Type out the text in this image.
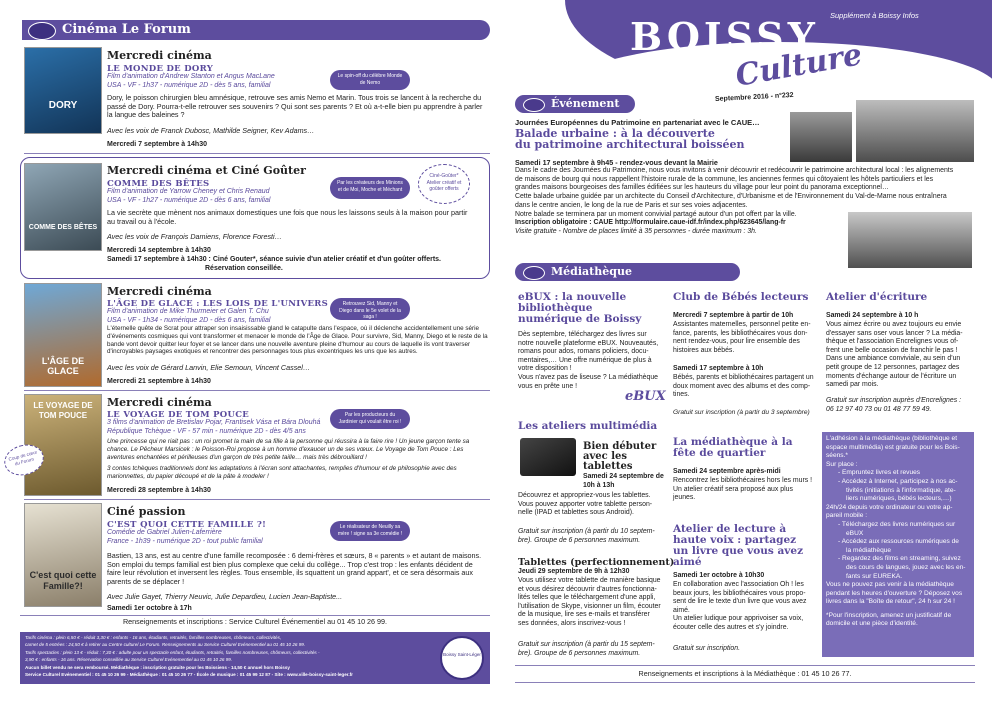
Cinéma Le Forum
DORY
Mercredi cinéma
LE MONDE DE DORY
Film d'animation d'Andrew Stanton et Angus MacLane
USA - VF - 1h37 - numérique 2D - dès 5 ans, familial
Le spin-off du célèbre Monde de Nemo
Dory, le poisson chirurgien bleu amnésique, retrouve ses amis Nemo et Marin. Tous trois se lancent à la recherche du passé de Dory. Pourra-t-elle retrouver ses souvenirs ? Qui sont ses parents ? Et où a-t-elle bien pu apprendre à parler la langue des baleines ?
Avec les voix de Franck Dubosc, Mathilde Seigner, Kev Adams…
Mercredi 7 septembre à 14h30
COMME DES BÊTES
Mercredi cinéma et Ciné Goûter
COMME DES BÊTES
Film d'animation de Yarrow Cheney et Chris Renaud
USA - VF - 1h27 - numérique 2D - dès 6 ans, familial
Par les créateurs des Minions et de Moi, Moche et Méchant
Ciné-Goûter* Atelier créatif et goûter offerts
La vie secrète que mènent nos animaux domestiques une fois que nous les laissons seuls à la maison pour partir au travail ou à l'école.
Avec les voix de François Damiens, Florence Foresti…
Mercredi 14 septembre à 14h30
Samedi 17 septembre à 14h30 : Ciné Gouter*, séance suivie d'un atelier créatif et d'un goûter offerts.
Réservation conseillée.
L'ÂGE DE GLACE
Mercredi cinéma
L'ÂGE DE GLACE : LES LOIS DE L'UNIVERS
Film d'animation de Mike Thurmeier et Galen T. Chu
USA - VF - 1h34 - numérique 2D - dès 6 ans, familial
Retrouvez Sid, Manny et Diego dans le 5e volet de la saga !
L'éternelle quête de Scrat pour attraper son insaisissable gland le catapulte dans l'espace, où il déclenche accidentellement une série d'événements cosmiques qui vont transformer et menacer le monde de l'Âge de Glace. Pour survivre, Sid, Manny, Diego et le reste de la bande vont devoir quitter leur foyer et se lancer dans une nouvelle aventure pleine d'humour au cours de laquelle ils vont traverser d'incroyables paysages exotiques et rencontrer des personnages tous plus excentriques les uns que les autres.
Avec les voix de Gérard Lanvin, Elie Semoun, Vincent Cassel…
Mercredi 21 septembre à 14h30
LE VOYAGE DE TOM POUCE
Coup de cœur du Forum
Mercredi cinéma
LE VOYAGE DE TOM POUCE
3 films d'animation de Bretislav Pojar, Frantisek Vása et Bára Dlouhá
République Tchèque - VF - 57 min - numérique 2D - dès 4/5 ans
Par les producteurs du Jardinier qui voulait être roi !
Une princesse qui ne riait pas : un roi promet la main de sa fille à la personne qui réussira à la faire rire ! Un jeune garçon tente sa chance. Le Pêcheur Marsicek : le Poisson-Roi propose à un homme d'exaucer un de ses vœux. Le Voyage de Tom Pouce : Les aventures enchantées et périlleuses d'un garçon de très petite taille… mais très débrouillard !
3 contes tchèques traditionnels dont les adaptations à l'écran sont attachantes, remplies d'humour et de philosophie avec des marionnettes, du papier découpé et de la pâte à modeler !
Mercredi 28 septembre à 14h30
C'est quoi cette Famille?!
Ciné passion
C'EST QUOI CETTE FAMILLE ?!
Comédie de Gabriel Julien-Laferrière
France - 1h39 - numérique 2D - tout public familial
Le réalisateur de Neuilly sa mère ! signe sa 3e comédie !
Bastien, 13 ans, est au centre d'une famille recomposée : 6 demi-frères et sœurs, 8 « parents » et autant de maisons. Son emploi du temps familial est bien plus complexe que celui du collège... Trop c'est trop : les enfants décident de faire leur révolution et inversent les règles. Tous ensemble, ils squattent un grand appart', et ce sera désormais aux parents de se déplacer !
Avec Julie Gayet, Thierry Neuvic, Julie Depardieu, Lucien Jean-Baptiste...
Samedi 1er octobre à 17h
Renseignements et inscriptions : Service Culturel Événementiel au 01 45 10 26 99.
Tarifs cinéma : plein 6,50 € - réduit 3,30 € : enfants - 16 ans, étudiants, retraités, familles nombreuses, chômeurs, collectivités,
carnet de 5 entrées : 24,50 € à retirer au Centre culturel Le Forum. Renseignements au Service Culturel Evénementiel au 01 45 10 26 99.
Tarifs spectacles : plein 13 € - réduit : 7,30 € : adulte pour un spectacle enfant, étudiants, retraités, familles nombreuses, chômeurs, collectivités -
3,90 € : enfants - 16 ans. Réservation conseillée au Service Culturel Evénementiel au 01 45 10 26 99.
Aucun billet vendu ne sera remboursé. Médiathèque : inscription gratuite pour les Boissiens - 14,50 € annuel hors Boissy
Service Culturel Evénementiel : 01 45 10 26 99 - Médiathèque : 01 45 10 26 77 - École de musique : 01 45 99 12 87 - Site : www.ville-boissy-saint-leger.fr
Boissy Saint-Léger
Supplément à Boissy Infos
BOISSY
Culture
Septembre 2016 - n°232
Événement
Journées Européennes du Patrimoine en partenariat avec le CAUE…
Balade urbaine : à la découverte
du patrimoine architectural boisséen
Samedi 17 septembre à 9h45 - rendez-vous devant la Mairie
Dans le cadre des Journées du Patrimoine, nous vous invitons à venir découvrir et redécouvrir le patrimoine architectural local : les alignements
de maisons de bourg qui nous rappellent l'histoire rurale de la commune, les anciennes fermes qui côtoyaient les hôtels particuliers et les
grandes maisons bourgeoises des familles édifiées sur les hauteurs du village pour leur point du panorama exceptionnel…
Cette balade urbaine guidée par un architecte du Conseil d'Architecture, d'Urbanisme et de l'Environnement du Val-de-Marne nous entraînera
dans le centre ancien, le long de la rue de Paris et sur ses voies adjacentes.
Notre balade se terminera par un moment convivial partagé autour d'un pot offert par la ville.
Inscription obligatoire : CAUE http://formulaire.caue-idf.fr/index.php/623645/lang-fr
Visite gratuite - Nombre de places limité à 35 personnes - durée maximum : 3h.
Médiathèque
eBUX : la nouvelle
bibliothèque
numérique de Boissy
Dès septembre, téléchargez des livres sur
notre nouvelle plateforme eBUX. Nouveautés,
romans pour ados, romans policiers, docu-
mentaires,… Une offre numérique de plus à
votre disposition !
Vous n'avez pas de liseuse ? La médiathèque
vous en prête une !
eBUX
Les ateliers multimédia
Bien débuter
avec les
tablettes
Samedi 24 septembre de 10h à 13h
Découvrez et appropriez-vous les tablettes.
Vous pouvez apporter votre tablette person-
nelle (IPAD et tablettes sous Android).
Gratuit sur inscription (à partir du 10 septem-
bre). Groupe de 6 personnes maximum.
Tablettes (perfectionnement)
Jeudi 29 septembre de 9h à 12h30
Vous utilisez votre tablette de manière basique
et vous désirez découvrir d'autres fonctionna-
lités telles que le téléchargement d'une appli,
l'utilisation de Skype, visionner un film, écouter
de la musique, lire ses e-mails et transférer
ses données, alors inscrivez-vous !
Gratuit sur inscription (à partir du 15 septem-
bre). Groupe de 6 personnes maximum.
Club de Bébés lecteurs
Mercredi 7 septembre à partir de 10h
Assistantes maternelles, personnel petite en-
fance, parents, les bibliothécaires vous don-
nent rendez-vous, pour lire ensemble des
histoires aux bébés.
Samedi 17 septembre à 10h
Bébés, parents et bibliothécaires partagent un
doux moment avec des albums et des comp-
tines.
Gratuit sur inscription (à partir du 3 septembre)
La médiathèque à la
fête de quartier
Samedi 24 septembre après-midi
Rencontrez les bibliothécaires hors les murs !
Un atelier créatif sera proposé aux plus
jeunes.
Atelier de lecture à
haute voix : partagez
un livre que vous avez
aimé
Samedi 1er octobre à 10h30
En collaboration avec l'association Oh ! les
beaux jours, les bibliothécaires vous propo-
sent de lire le texte d'un livre que vous avez
aimé.
Un atelier ludique pour apprivoiser sa voix,
écouter celle des autres et s'y joindre.
Gratuit sur inscription.
Atelier d'écriture
Samedi 24 septembre à 10 h
Vous aimez écrire ou avez toujours eu envie
d'essayer sans oser vous lancer ? La média-
thèque et l'association Encrelignes vous of-
frent une belle occasion de franchir le pas !
Dans une ambiance conviviale, au sein d'un
petit groupe de 12 personnes, partagez des
moments d'échange autour de l'écriture un
samedi par mois.
Gratuit sur inscription auprès d'Encrelignes :
06 12 97 40 73 ou 01 48 77 59 49.
L'adhésion à la médiathèque (bibliothèque et
espace multimédia) est gratuite pour les Bois-
séens.*
Sur place :
- Empruntez livres et revues
- Accédez à Internet, participez à nos ac-
tivités (initiations à l'informatique, ate-
liers numériques, bébés lecteurs,…)
24h/24 depuis votre ordinateur ou votre ap-
pareil mobile :
- Téléchargez des livres numériques sur
eBUX
- Accédez aux ressources numériques de
la médiathèque
- Regardez des films en streaming, suivez
des cours de langues, jouez avec les en-
fants sur EUREKA.
Vous ne pouvez pas venir à la médiathèque
pendant les heures d'ouverture ? Déposez vos
livres dans la "Boîte de retour", 24 h sur 24 !
*Pour l'inscription, amenez un justificatif de
domicile et une pièce d'identité.
Renseignements et inscriptions à la Médiathèque : 01 45 10 26 77.
